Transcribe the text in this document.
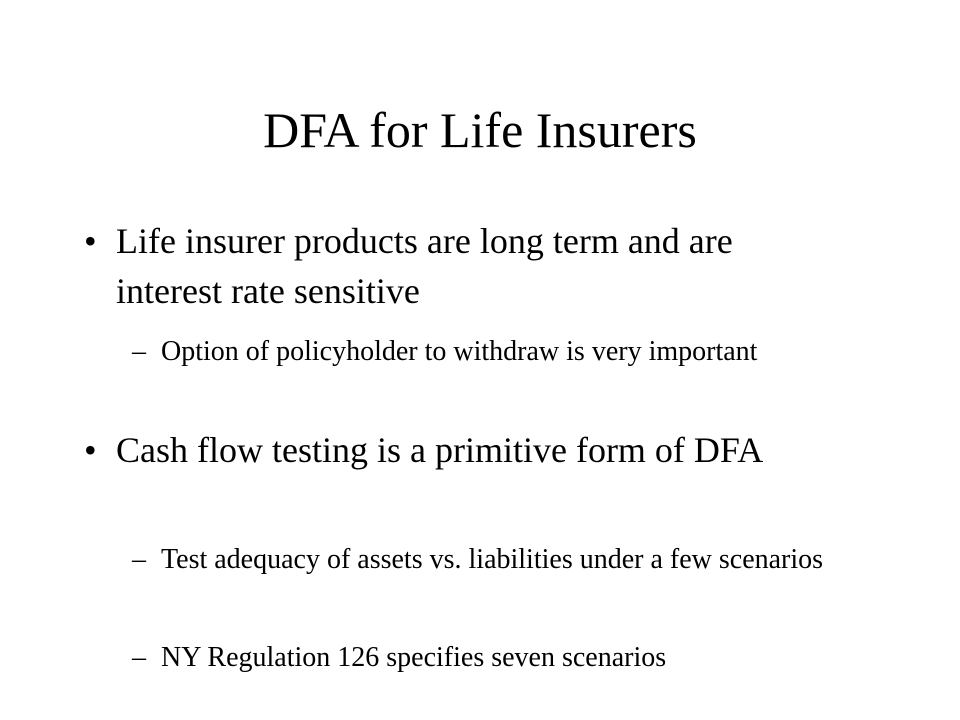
DFA for Life Insurers
• Life insurer products are long term and are interest rate sensitive
– Option of policyholder to withdraw is very important
• Cash flow testing is a primitive form of DFA
– Test adequacy of assets vs. liabilities under a few scenarios
– NY Regulation 126 specifies seven scenarios
